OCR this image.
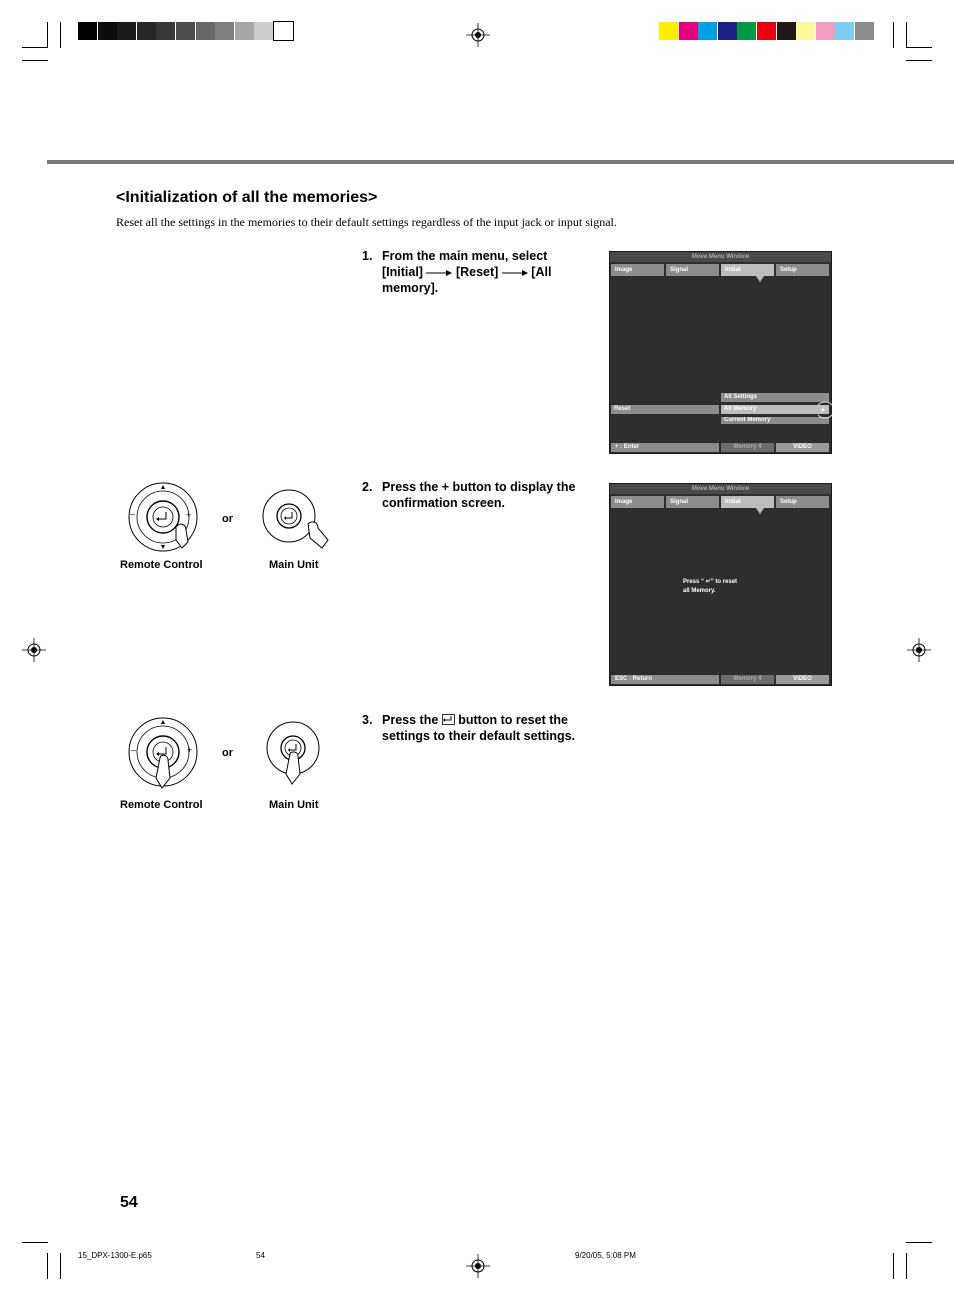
<Initialization of all the memories>
Reset all the settings in the memories to their default settings regardless of the input jack or input signal.
1. From the main menu, select
[Initial]	[Reset]	[All
memory].
2. Press the + button to display the confirmation screen.
3. Press the button to reset the settings to their default settings.
–	+	or
Remote Control	Main Unit
–	+	or
Remote Control	Main Unit
Move Menu Window
Image	Signal	Initial	Setup
Reset
All Settings
All Memory
Current Memory
+
+ : Enter	Memory 4	VIDEO
Move Menu Window
Image	Signal	Initial	Setup
Press “ ↵” to reset
all Memory.
ESC : Return	Memory 4	VIDEO
54
15_DPX-1300-E.p65	54	9/20/05, 5:08 PM
